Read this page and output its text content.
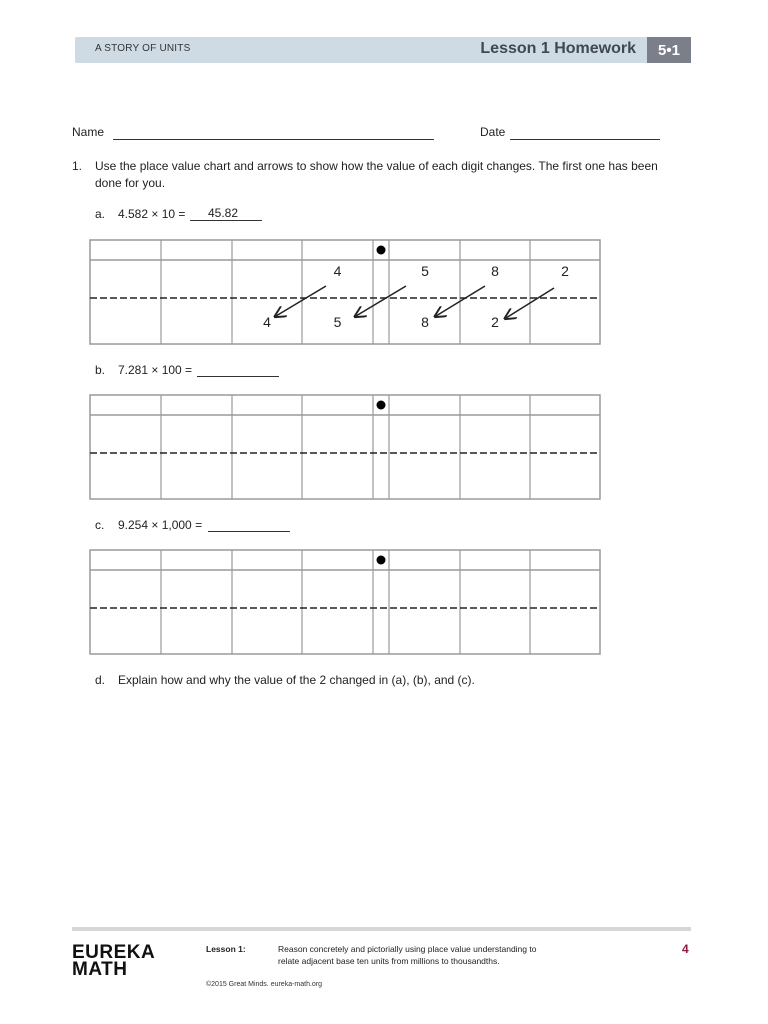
A STORY OF UNITS	Lesson 1 Homework	5•1
Name	Date
1. Use the place value chart and arrows to show how the value of each digit changes. The first one has been
done for you.
a. 4.582 × 10 = 45.82
4	5	8	2
4	5	8	2
b. 7.281 × 100 =
c. 9.254 × 1,000 =
d. Explain how and why the value of the 2 changed in (a), (b), and (c).
EUREKA
MATH
Lesson 1:	Reason concretely and pictorially using place value understanding to
relate adjacent base ten units from millions to thousandths.
4
©2015 Great Minds. eureka-math.org
